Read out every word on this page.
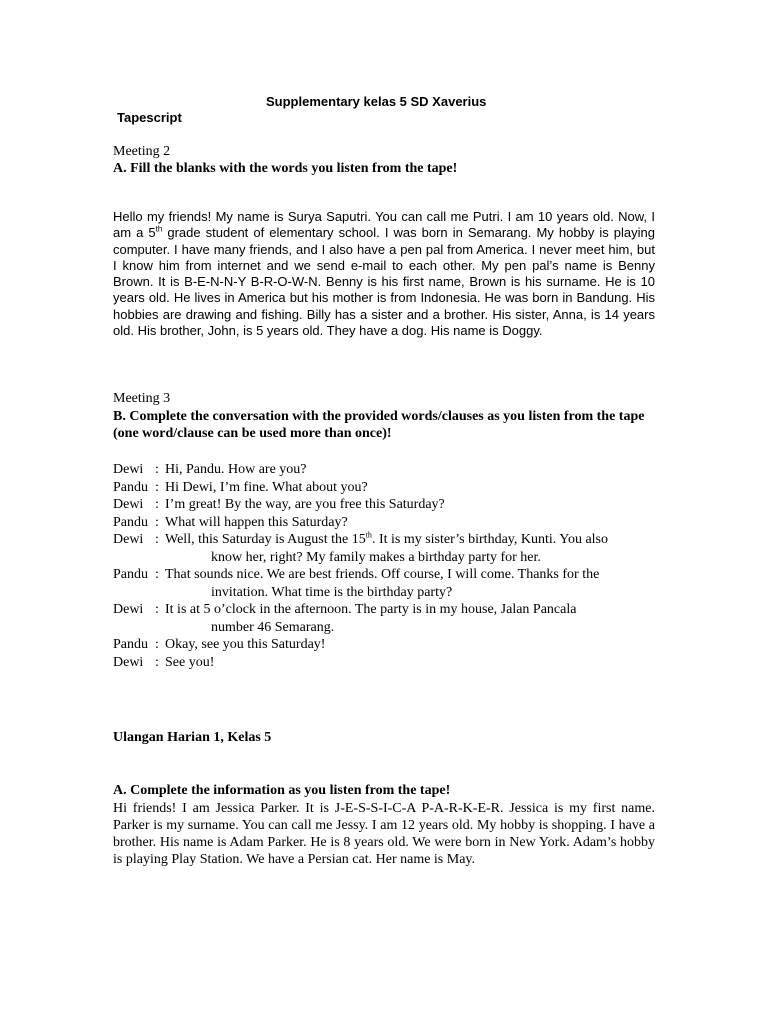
Supplementary kelas 5 SD Xaverius
Tapescript
Meeting 2
A. Fill the blanks with the words you listen from the tape!

Hello my friends! My name is Surya Saputri. You can call me Putri. I am 10 years old. Now, I am a 5th grade student of elementary school. I was born in Semarang. My hobby is playing computer. I have many friends, and I also have a pen pal from America. I never meet him, but I know him from internet and we send e-mail to each other. My pen pal’s name is Benny Brown. It is B-E-N-N-Y B-R-O-W-N. Benny is his first name, Brown is his surname. He is 10 years old. He lives in America but his mother is from Indonesia. He was born in Bandung. His hobbies are drawing and fishing. Billy has a sister and a brother. His sister, Anna, is 14 years old. His brother, John, is 5 years old. They have a dog. His name is Doggy.

Meeting 3
B. Complete the conversation with the provided words/clauses as you listen from the tape (one word/clause can be used more than once)!
Dewi : Hi, Pandu. How are you?
Pandu : Hi Dewi, I’m fine. What about you?
Dewi : I’m great! By the way, are you free this Saturday?
Pandu : What will happen this Saturday?
Dewi : Well, this Saturday is August the 15th. It is my sister’s birthday, Kunti. You also
know her, right? My family makes a birthday party for her.
Pandu : That sounds nice. We are best friends. Off course, I will come. Thanks for the
invitation. What time is the birthday party?
Dewi : It is at 5 o’clock in the afternoon. The party is in my house, Jalan Pancala
number 46 Semarang.
Pandu : Okay, see you this Saturday!
Dewi : See you!
Ulangan Harian 1, Kelas 5
A. Complete the information as you listen from the tape!

Hi friends! I am Jessica Parker. It is J-E-S-S-I-C-A P-A-R-K-E-R. Jessica is my first name. Parker is my surname. You can call me Jessy. I am 12 years old. My hobby is shopping. I have a brother. His name is Adam Parker. He is 8 years old. We were born in New York. Adam’s hobby is playing Play Station. We have a Persian cat. Her name is May.
